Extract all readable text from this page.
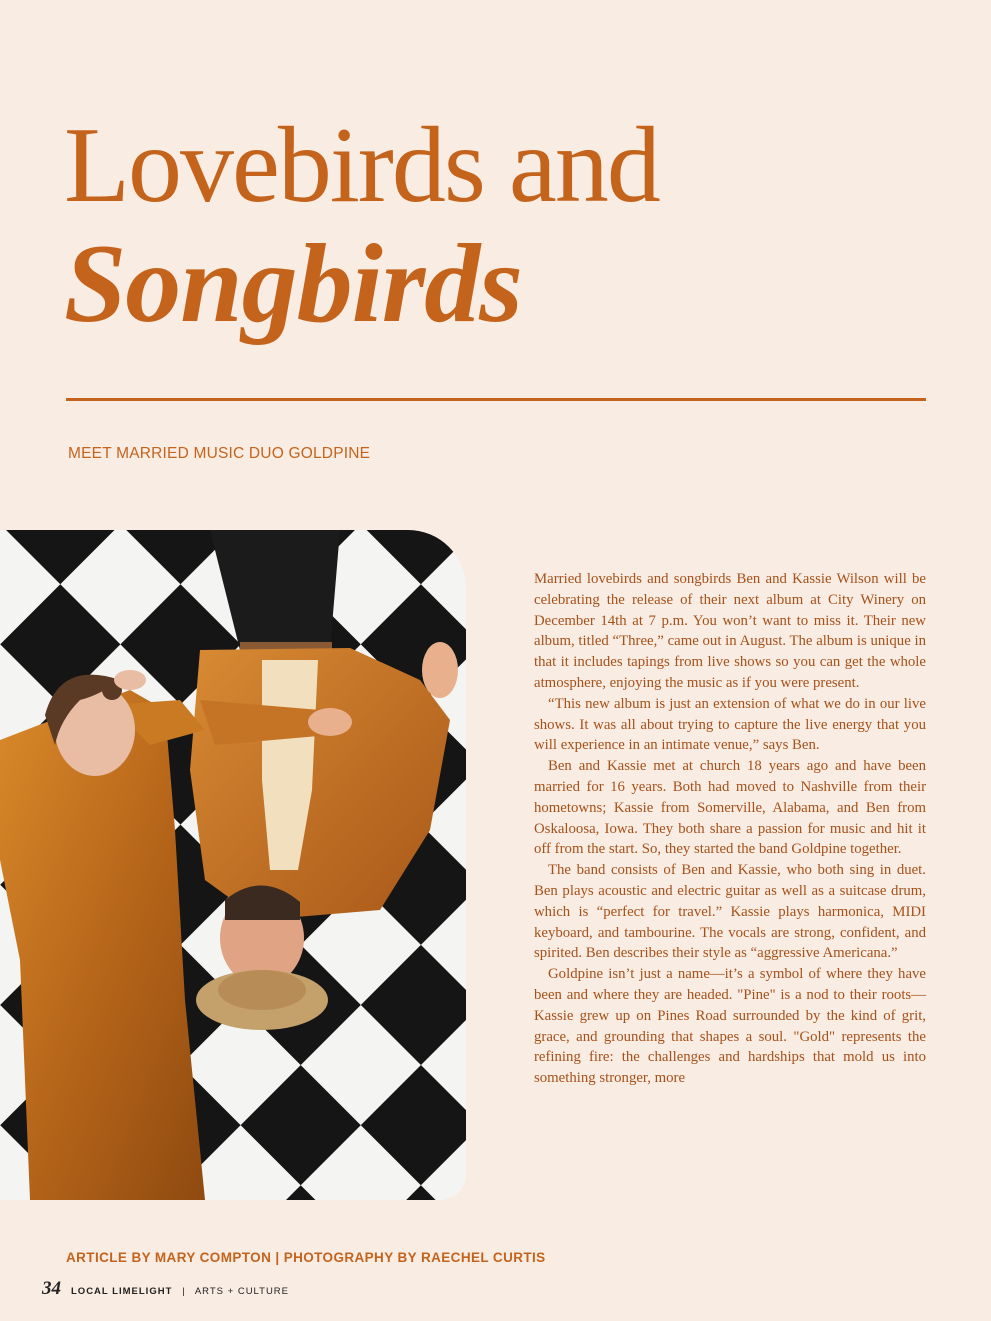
Lovebirds and
Songbirds
MEET MARRIED MUSIC DUO GOLDPINE

Married lovebirds and songbirds Ben and Kassie Wilson will be celebrating the release of their next album at City Winery on December 14th at 7 p.m. You won’t want to miss it. Their new album, titled “Three,” came out in August. The album is unique in that it includes tapings from live shows so you can get the whole atmosphere, enjoying the music as if you were present.

“This new album is just an extension of what we do in our live shows. It was all about trying to capture the live energy that you will experience in an intimate venue,” says Ben.

Ben and Kassie met at church 18 years ago and have been married for 16 years. Both had moved to Nashville from their hometowns; Kassie from Somerville, Alabama, and Ben from Oskaloosa, Iowa. They both share a passion for music and hit it off from the start. So, they started the band Goldpine together.

The band consists of Ben and Kassie, who both sing in duet. Ben plays acoustic and electric guitar as well as a suitcase drum, which is “perfect for travel.” Kassie plays harmonica, MIDI keyboard, and tambourine. The vocals are strong, confident, and spirited. Ben describes their style as “aggressive Americana.”

Goldpine isn’t just a name—it’s a symbol of where they have been and where they are headed. "Pine" is a nod to their roots—Kassie grew up on Pines Road surrounded by the kind of grit, grace, and grounding that shapes a soul. "Gold" represents the refining fire: the challenges and hardships that mold us into something stronger, more

ARTICLE BY MARY COMPTON | PHOTOGRAPHY BY RAECHEL CURTIS
34 LOCAL LIMELIGHT | ARTS + CULTURE
